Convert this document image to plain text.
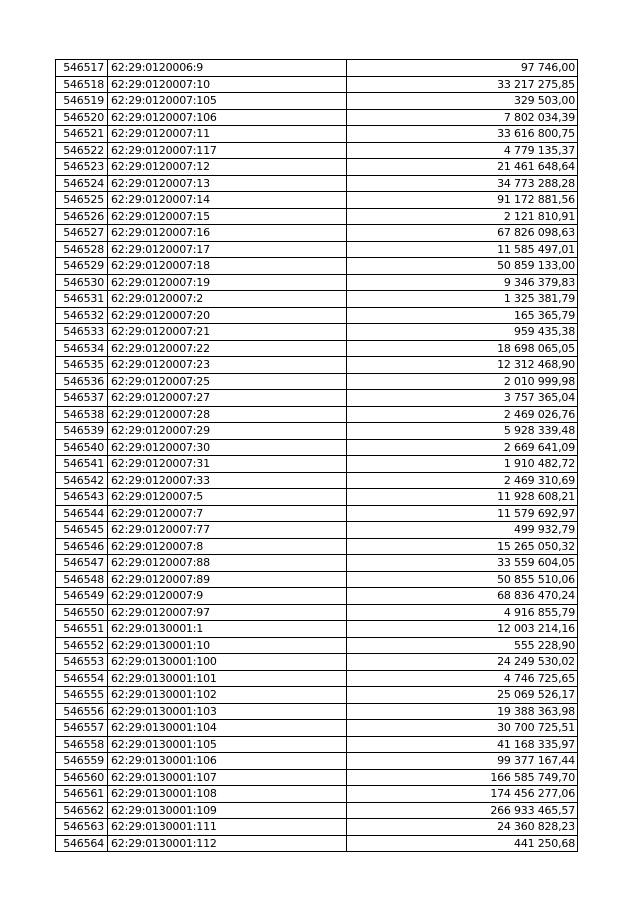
546517	62:29:0120006:9	97 746,00
546518	62:29:0120007:10	33 217 275,85
546519	62:29:0120007:105	329 503,00
546520	62:29:0120007:106	7 802 034,39
546521	62:29:0120007:11	33 616 800,75
546522	62:29:0120007:117	4 779 135,37
546523	62:29:0120007:12	21 461 648,64
546524	62:29:0120007:13	34 773 288,28
546525	62:29:0120007:14	91 172 881,56
546526	62:29:0120007:15	2 121 810,91
546527	62:29:0120007:16	67 826 098,63
546528	62:29:0120007:17	11 585 497,01
546529	62:29:0120007:18	50 859 133,00
546530	62:29:0120007:19	9 346 379,83
546531	62:29:0120007:2	1 325 381,79
546532	62:29:0120007:20	165 365,79
546533	62:29:0120007:21	959 435,38
546534	62:29:0120007:22	18 698 065,05
546535	62:29:0120007:23	12 312 468,90
546536	62:29:0120007:25	2 010 999,98
546537	62:29:0120007:27	3 757 365,04
546538	62:29:0120007:28	2 469 026,76
546539	62:29:0120007:29	5 928 339,48
546540	62:29:0120007:30	2 669 641,09
546541	62:29:0120007:31	1 910 482,72
546542	62:29:0120007:33	2 469 310,69
546543	62:29:0120007:5	11 928 608,21
546544	62:29:0120007:7	11 579 692,97
546545	62:29:0120007:77	499 932,79
546546	62:29:0120007:8	15 265 050,32
546547	62:29:0120007:88	33 559 604,05
546548	62:29:0120007:89	50 855 510,06
546549	62:29:0120007:9	68 836 470,24
546550	62:29:0120007:97	4 916 855,79
546551	62:29:0130001:1	12 003 214,16
546552	62:29:0130001:10	555 228,90
546553	62:29:0130001:100	24 249 530,02
546554	62:29:0130001:101	4 746 725,65
546555	62:29:0130001:102	25 069 526,17
546556	62:29:0130001:103	19 388 363,98
546557	62:29:0130001:104	30 700 725,51
546558	62:29:0130001:105	41 168 335,97
546559	62:29:0130001:106	99 377 167,44
546560	62:29:0130001:107	166 585 749,70
546561	62:29:0130001:108	174 456 277,06
546562	62:29:0130001:109	266 933 465,57
546563	62:29:0130001:111	24 360 828,23
546564	62:29:0130001:112	441 250,68
